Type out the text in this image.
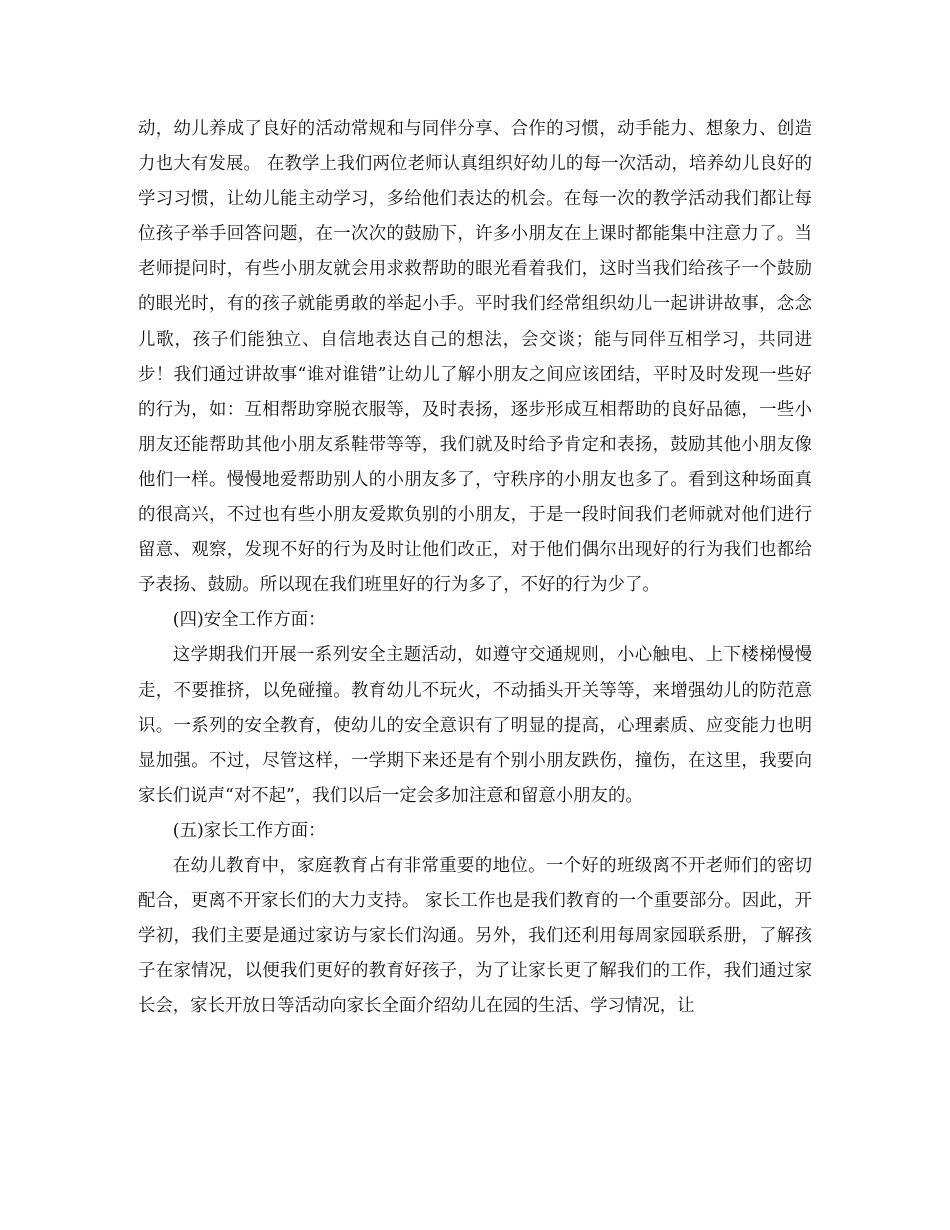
动，幼儿养成了良好的活动常规和与同伴分享、合作的习惯，动手能力、想象力、创造力也大有发展。 在教学上我们两位老师认真组织好幼儿的每一次活动，培养幼儿良好的学习习惯，让幼儿能主动学习，多给他们表达的机会。在每一次的教学活动我们都让每位孩子举手回答问题，在一次次的鼓励下，许多小朋友在上课时都能集中注意力了。当老师提问时，有些小朋友就会用求救帮助的眼光看着我们，这时当我们给孩子一个鼓励的眼光时，有的孩子就能勇敢的举起小手。平时我们经常组织幼儿一起讲讲故事，念念儿歌，孩子们能独立、自信地表达自己的想法，会交谈；能与同伴互相学习，共同进步！我们通过讲故事“谁对谁错”让幼儿了解小朋友之间应该团结，平时及时发现一些好的行为，如：互相帮助穿脱衣服等，及时表扬，逐步形成互相帮助的良好品德，一些小朋友还能帮助其他小朋友系鞋带等等，我们就及时给予肯定和表扬，鼓励其他小朋友像他们一样。慢慢地爱帮助别人的小朋友多了，守秩序的小朋友也多了。看到这种场面真的很高兴，不过也有些小朋友爱欺负别的小朋友，于是一段时间我们老师就对他们进行留意、观察，发现不好的行为及时让他们改正，对于他们偶尔出现好的行为我们也都给予表扬、鼓励。所以现在我们班里好的行为多了，不好的行为少了。

(四)安全工作方面：

这学期我们开展一系列安全主题活动，如遵守交通规则，小心触电、上下楼梯慢慢走，不要推挤，以免碰撞。教育幼儿不玩火，不动插头开关等等，来增强幼儿的防范意识。一系列的安全教育，使幼儿的安全意识有了明显的提高，心理素质、应变能力也明显加强。不过，尽管这样，一学期下来还是有个别小朋友跌伤，撞伤，在这里，我要向家长们说声“对不起”，我们以后一定会多加注意和留意小朋友的。

(五)家长工作方面：

在幼儿教育中，家庭教育占有非常重要的地位。一个好的班级离不开老师们的密切配合，更离不开家长们的大力支持。 家长工作也是我们教育的一个重要部分。因此，开学初，我们主要是通过家访与家长们沟通。另外，我们还利用每周家园联系册，了解孩子在家情况，以便我们更好的教育好孩子，为了让家长更了解我们的工作，我们通过家长会，家长开放日等活动向家长全面介绍幼儿在园的生活、学习情况，让
